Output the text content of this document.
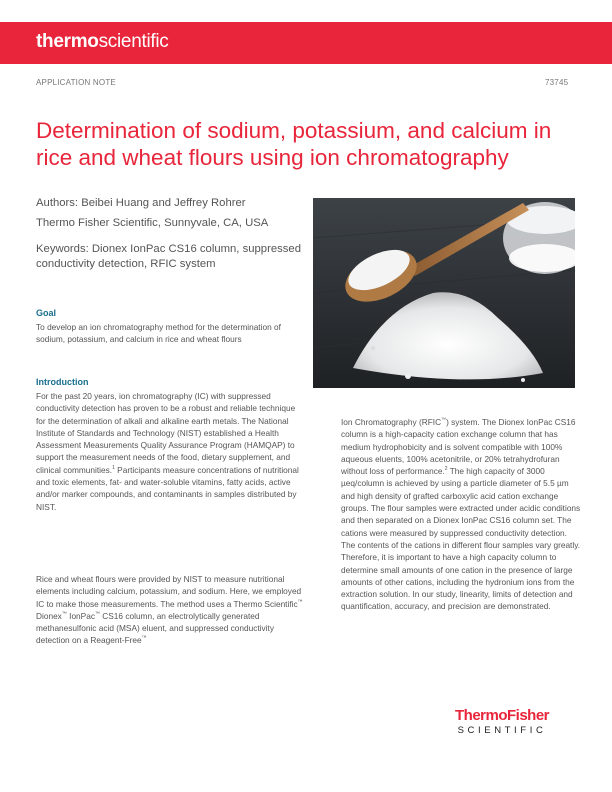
thermoscientific
APPLICATION NOTE	73745
Determination of sodium, potassium, and calcium in rice and wheat flours using ion chromatography
Authors: Beibei Huang and Jeffrey Rohrer
Thermo Fisher Scientific, Sunnyvale, CA, USA
Keywords: Dionex IonPac CS16 column, suppressed conductivity detection, RFIC system
Goal

To develop an ion chromatography method for the determination of sodium, potassium, and calcium in rice and wheat flours

Introduction

For the past 20 years, ion chromatography (IC) with suppressed conductivity detection has proven to be a robust and reliable technique for the determination of alkali and alkaline earth metals. The National Institute of Standards and Technology (NIST) established a Health Assessment Measurements Quality Assurance Program (HAMQAP) to support the measurement needs of the food, dietary supplement, and clinical communities.$^1$ Participants measure concentrations of nutritional and toxic elements, fat- and water-soluble vitamins, fatty acids, active and/or marker compounds, and contaminants in samples distributed by NIST.

Rice and wheat flours were provided by NIST to measure nutritional elements including calcium, potassium, and sodium. Here, we employed IC to make those measurements. The method uses a Thermo Scientific™ Dionex™ IonPac™ CS16 column, an electrolytically generated methanesulfonic acid (MSA) eluent, and suppressed conductivity detection on a Reagent-Free™

Ion Chromatography (RFIC™) system. The Dionex IonPac CS16 column is a high-capacity cation exchange column that has medium hydrophobicity and is solvent compatible with 100% aqueous eluents, 100% acetonitrile, or 20% tetrahydrofuran without loss of performance.$^2$ The high capacity of 3000 µeq/column is achieved by using a particle diameter of 5.5 µm and high density of grafted carboxylic acid cation exchange groups. The flour samples were extracted under acidic conditions and then separated on a Dionex IonPac CS16 column set. The cations were measured by suppressed conductivity detection. The contents of the cations in different flour samples vary greatly. Therefore, it is important to have a high capacity column to determine small amounts of one cation in the presence of large amounts of other cations, including the hydronium ions from the extraction solution. In our study, linearity, limits of detection and quantification, accuracy, and precision are demonstrated.

ThermoFisher
SCIENTIFIC
